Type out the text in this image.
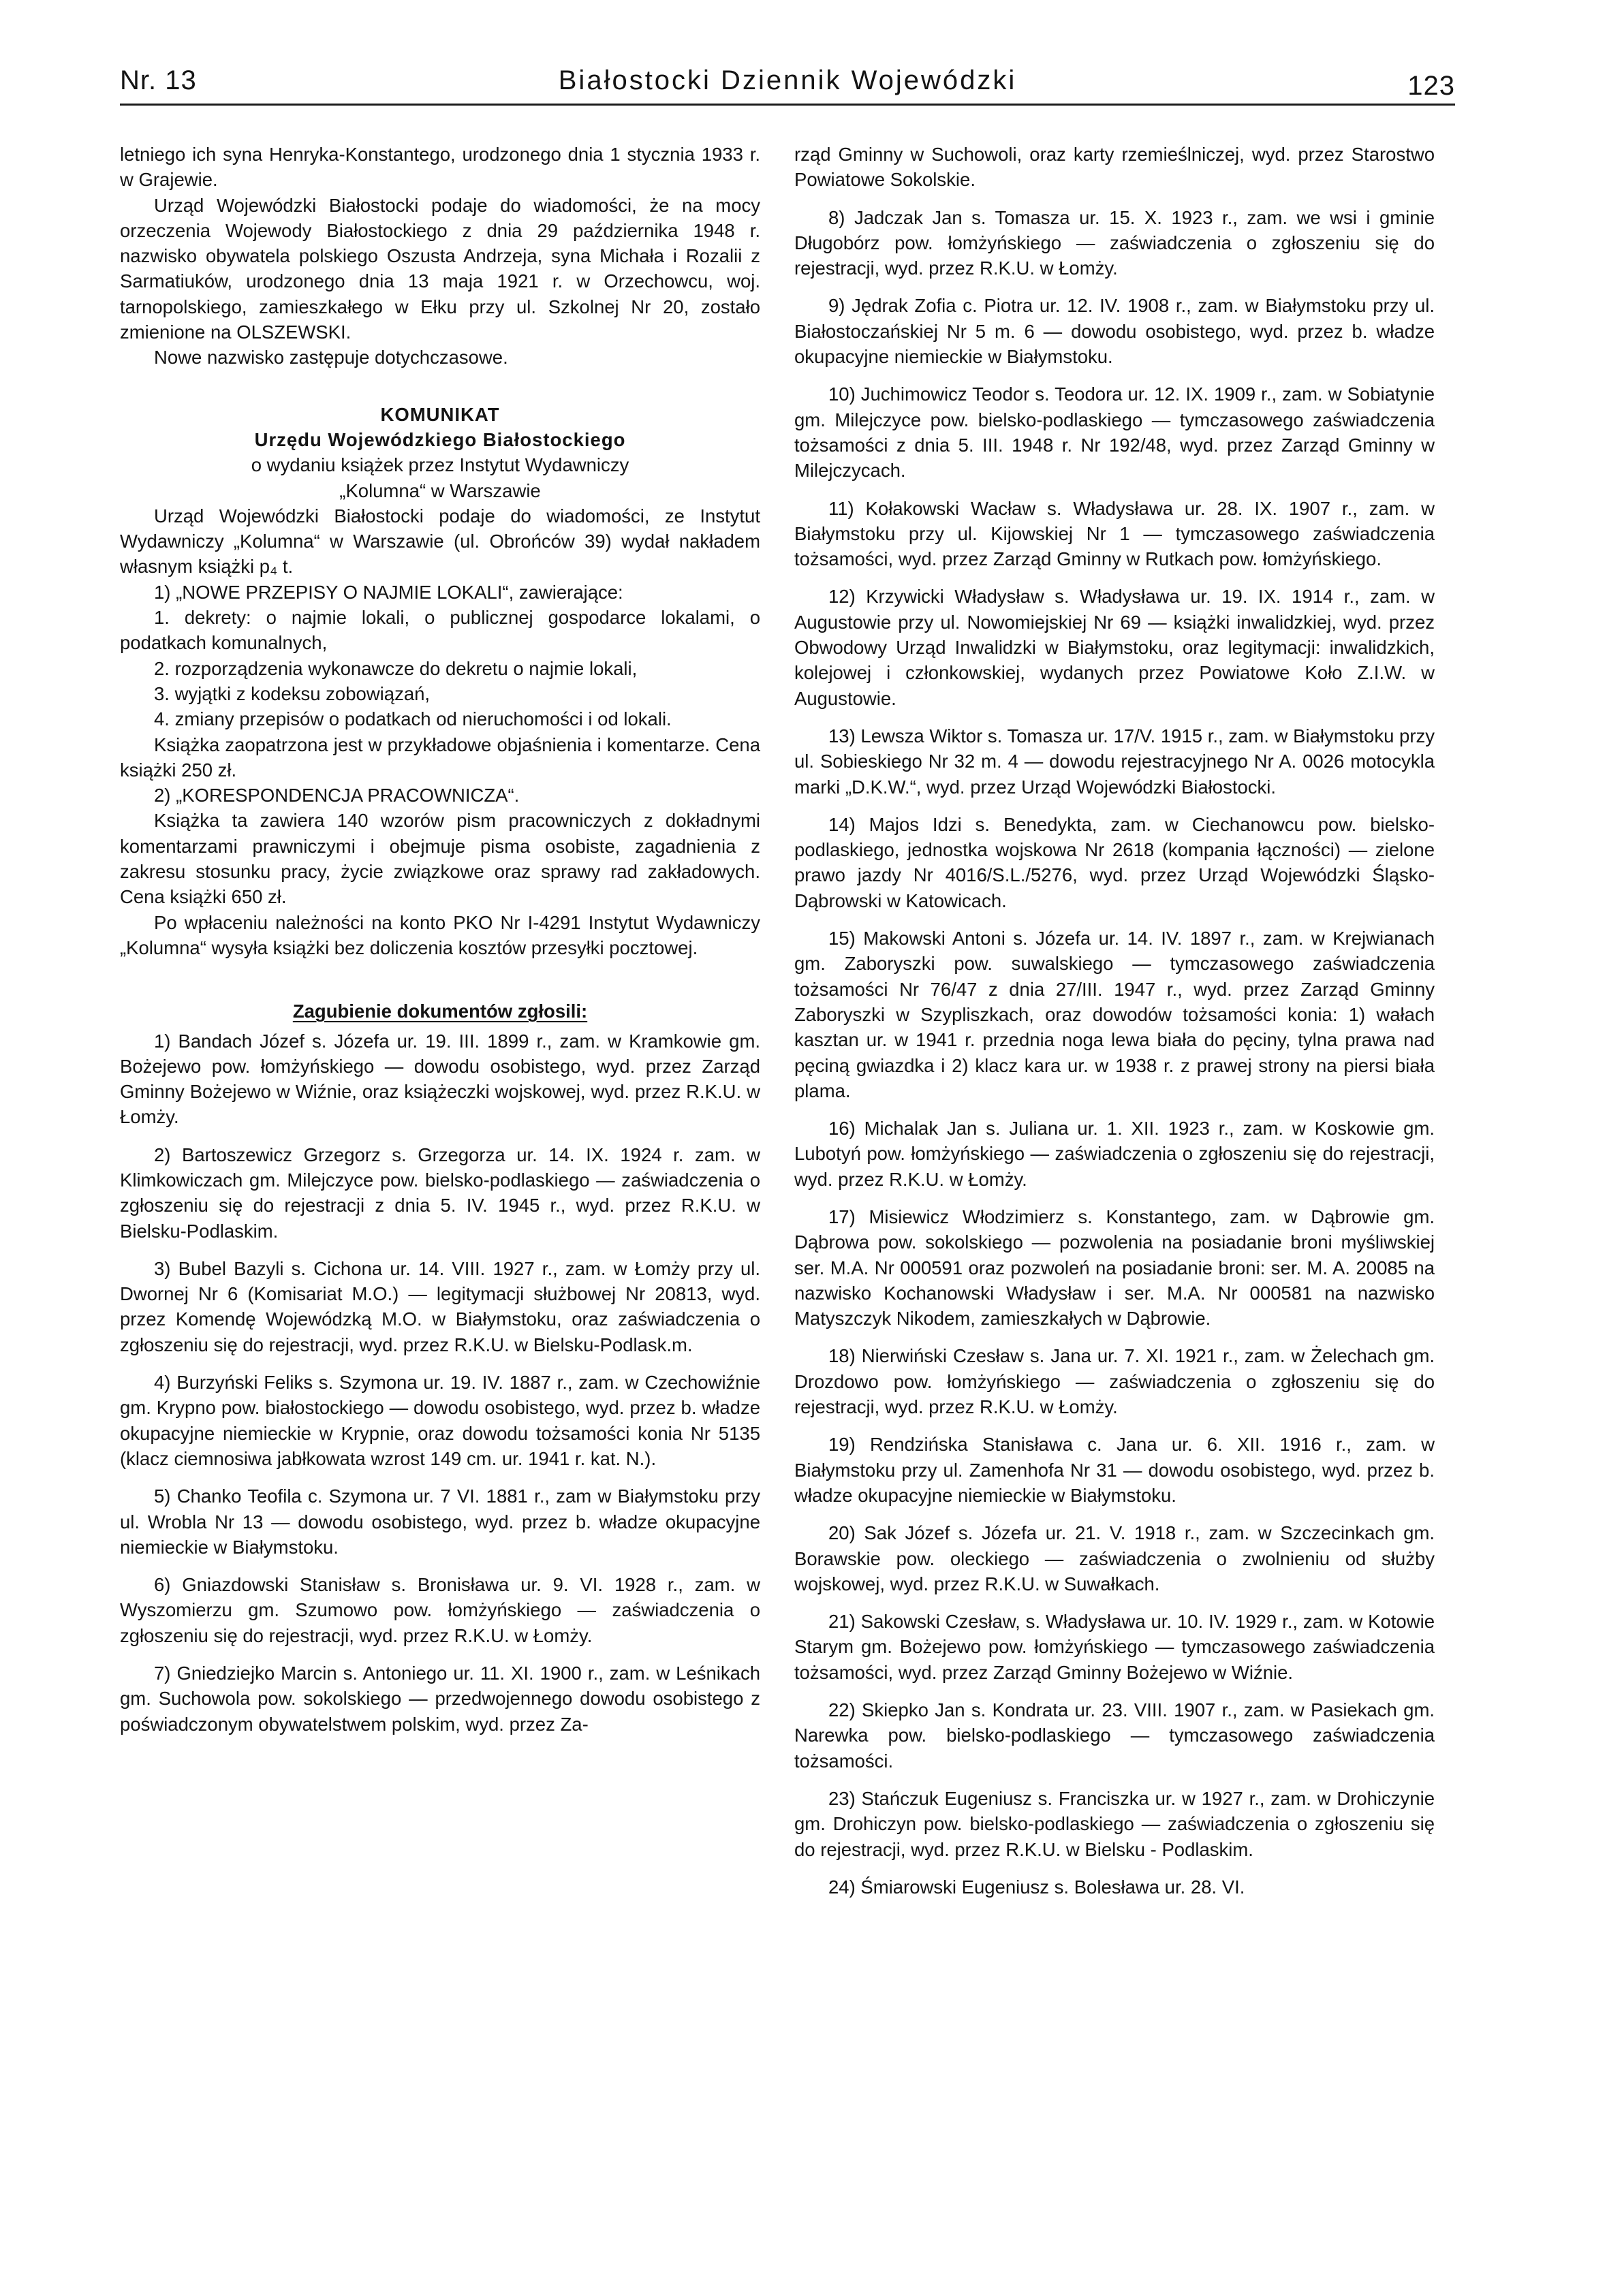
Nr. 13	Białostocki Dziennik Wojewódzki	123

letniego ich syna Henryka-Konstantego, urodzonego dnia 1 stycznia 1933 r. w Grajewie.

Urząd Wojewódzki Białostocki podaje do wiadomości, że na mocy orzeczenia Wojewody Białostockiego z dnia 29 października 1948 r. nazwisko obywatela polskiego Oszusta Andrzeja, syna Michała i Rozalii z Sarmatiuków, urodzonego dnia 13 maja 1921 r. w Orzechowcu, woj. tarnopolskiego, zamieszkałego w Ełku przy ul. Szkolnej Nr 20, zostało zmienione na OLSZEWSKI.

Nowe nazwisko zastępuje dotychczasowe.

KOMUNIKAT
Urzędu Wojewódzkiego Białostockiego
o wydaniu książek przez Instytut Wydawniczy
„Kolumna“ w Warszawie

Urząd Wojewódzki Białostocki podaje do wiadomości, ze Instytut Wydawniczy „Kolumna“ w Warszawie (ul. Obrońców 39) wydał nakładem własnym książki p₄ t.

1) „NOWE PRZEPISY O NAJMIE LOKALI“, zawierające:

1. dekrety: o najmie lokali, o publicznej gospodarce lokalami, o podatkach komunalnych,

2. rozporządzenia wykonawcze do dekretu o najmie lokali,

3. wyjątki z kodeksu zobowiązań,

4. zmiany przepisów o podatkach od nieruchomości i od lokali.

Książka zaopatrzona jest w przykładowe objaśnienia i komentarze. Cena książki 250 zł.

2) „KORESPONDENCJA PRACOWNICZA“.

Książka ta zawiera 140 wzorów pism pracowniczych z dokładnymi komentarzami prawniczymi i obejmuje pisma osobiste, zagadnienia z zakresu stosunku pracy, życie związkowe oraz sprawy rad zakładowych. Cena książki 650 zł.

Po wpłaceniu należności na konto PKO Nr I-4291 Instytut Wydawniczy „Kolumna“ wysyła książki bez doliczenia kosztów przesyłki pocztowej.

Zagubienie dokumentów zgłosili:

1) Bandach Józef s. Józefa ur. 19. III. 1899 r., zam. w Kramkowie gm. Bożejewo pow. łomżyńskiego — dowodu osobistego, wyd. przez Zarząd Gminny Bożejewo w Wiźnie, oraz książeczki wojskowej, wyd. przez R.K.U. w Łomży.

2) Bartoszewicz Grzegorz s. Grzegorza ur. 14. IX. 1924 r. zam. w Klimkowiczach gm. Milejczyce pow. bielsko-podlaskiego — zaświadczenia o zgłoszeniu się do rejestracji z dnia 5. IV. 1945 r., wyd. przez R.K.U. w Bielsku-Podlaskim.

3) Bubel Bazyli s. Cichona ur. 14. VIII. 1927 r., zam. w Łomży przy ul. Dwornej Nr 6 (Komisariat M.O.) — legitymacji służbowej Nr 20813, wyd. przez Komendę Wojewódzką M.O. w Białymstoku, oraz zaświadczenia o zgłoszeniu się do rejestracji, wyd. przez R.K.U. w Bielsku-Podlask.m.

4) Burzyński Feliks s. Szymona ur. 19. IV. 1887 r., zam. w Czechowiźnie gm. Krypno pow. białostockiego — dowodu osobistego, wyd. przez b. władze okupacyjne niemieckie w Krypnie, oraz dowodu tożsamości konia Nr 5135 (klacz ciemnosiwa jabłkowata wzrost 149 cm. ur. 1941 r. kat. N.).

5) Chanko Teofila c. Szymona ur. 7 VI. 1881 r., zam w Białymstoku przy ul. Wrobla Nr 13 — dowodu osobistego, wyd. przez b. władze okupacyjne niemieckie w Białymstoku.

6) Gniazdowski Stanisław s. Bronisława ur. 9. VI. 1928 r., zam. w Wyszomierzu gm. Szumowo pow. łomżyńskiego — zaświadczenia o zgłoszeniu się do rejestracji, wyd. przez R.K.U. w Łomży.

7) Gniedziejko Marcin s. Antoniego ur. 11. XI. 1900 r., zam. w Leśnikach gm. Suchowola pow. sokolskiego — przedwojennego dowodu osobistego z poświadczonym obywatelstwem polskim, wyd. przez Za-

rząd Gminny w Suchowoli, oraz karty rzemieślniczej, wyd. przez Starostwo Powiatowe Sokolskie.

8) Jadczak Jan s. Tomasza ur. 15. X. 1923 r., zam. we wsi i gminie Długobórz pow. łomżyńskiego — zaświadczenia o zgłoszeniu się do rejestracji, wyd. przez R.K.U. w Łomży.

9) Jędrak Zofia c. Piotra ur. 12. IV. 1908 r., zam. w Białymstoku przy ul. Białostoczańskiej Nr 5 m. 6 — dowodu osobistego, wyd. przez b. władze okupacyjne niemieckie w Białymstoku.

10) Juchimowicz Teodor s. Teodora ur. 12. IX. 1909 r., zam. w Sobiatynie gm. Milejczyce pow. bielsko-podlaskiego — tymczasowego zaświadczenia tożsamości z dnia 5. III. 1948 r. Nr 192/48, wyd. przez Zarząd Gminny w Milejczycach.

11) Kołakowski Wacław s. Władysława ur. 28. IX. 1907 r., zam. w Białymstoku przy ul. Kijowskiej Nr 1 — tymczasowego zaświadczenia tożsamości, wyd. przez Zarząd Gminny w Rutkach pow. łomżyńskiego.

12) Krzywicki Władysław s. Władysława ur. 19. IX. 1914 r., zam. w Augustowie przy ul. Nowomiejskiej Nr 69 — książki inwalidzkiej, wyd. przez Obwodowy Urząd Inwalidzki w Białymstoku, oraz legitymacji: inwalidzkich, kolejowej i członkowskiej, wydanych przez Powiatowe Koło Z.I.W. w Augustowie.

13) Lewsza Wiktor s. Tomasza ur. 17/V. 1915 r., zam. w Białymstoku przy ul. Sobieskiego Nr 32 m. 4 — dowodu rejestracyjnego Nr A. 0026 motocykla marki „D.K.W.“, wyd. przez Urząd Wojewódzki Białostocki.

14) Majos Idzi s. Benedykta, zam. w Ciechanowcu pow. bielsko-podlaskiego, jednostka wojskowa Nr 2618 (kompania łączności) — zielone prawo jazdy Nr 4016/S.L./5276, wyd. przez Urząd Wojewódzki Śląsko-Dąbrowski w Katowicach.

15) Makowski Antoni s. Józefa ur. 14. IV. 1897 r., zam. w Krejwianach gm. Zaboryszki pow. suwalskiego — tymczasowego zaświadczenia tożsamości Nr 76/47 z dnia 27/III. 1947 r., wyd. przez Zarząd Gminny Zaboryszki w Szypliszkach, oraz dowodów tożsamości konia: 1) wałach kasztan ur. w 1941 r. przednia noga lewa biała do pęciny, tylna prawa nad pęciną gwiazdka i 2) klacz kara ur. w 1938 r. z prawej strony na piersi biała plama.

16) Michalak Jan s. Juliana ur. 1. XII. 1923 r., zam. w Koskowie gm. Lubotyń pow. łomżyńskiego — zaświadczenia o zgłoszeniu się do rejestracji, wyd. przez R.K.U. w Łomży.

17) Misiewicz Włodzimierz s. Konstantego, zam. w Dąbrowie gm. Dąbrowa pow. sokolskiego — pozwolenia na posiadanie broni myśliwskiej ser. M.A. Nr 000591 oraz pozwoleń na posiadanie broni: ser. M. A. 20085 na nazwisko Kochanowski Władysław i ser. M.A. Nr 000581 na nazwisko Matyszczyk Nikodem, zamieszkałych w Dąbrowie.

18) Nierwiński Czesław s. Jana ur. 7. XI. 1921 r., zam. w Żelechach gm. Drozdowo pow. łomżyńskiego — zaświadczenia o zgłoszeniu się do rejestracji, wyd. przez R.K.U. w Łomży.

19) Rendzińska Stanisława c. Jana ur. 6. XII. 1916 r., zam. w Białymstoku przy ul. Zamenhofa Nr 31 — dowodu osobistego, wyd. przez b. władze okupacyjne niemieckie w Białymstoku.

20) Sak Józef s. Józefa ur. 21. V. 1918 r., zam. w Szczecinkach gm. Borawskie pow. oleckiego — zaświadczenia o zwolnieniu od służby wojskowej, wyd. przez R.K.U. w Suwałkach.

21) Sakowski Czesław, s. Władysława ur. 10. IV. 1929 r., zam. w Kotowie Starym gm. Bożejewo pow. łomżyńskiego — tymczasowego zaświadczenia tożsamości, wyd. przez Zarząd Gminny Bożejewo w Wiźnie.

22) Skiepko Jan s. Kondrata ur. 23. VIII. 1907 r., zam. w Pasiekach gm. Narewka pow. bielsko-podlaskiego — tymczasowego zaświadczenia tożsamości.

23) Stańczuk Eugeniusz s. Franciszka ur. w 1927 r., zam. w Drohiczynie gm. Drohiczyn pow. bielsko-podlaskiego — zaświadczenia o zgłoszeniu się do rejestracji, wyd. przez R.K.U. w Bielsku - Podlaskim.

24) Śmiarowski Eugeniusz s. Bolesława ur. 28. VI.
